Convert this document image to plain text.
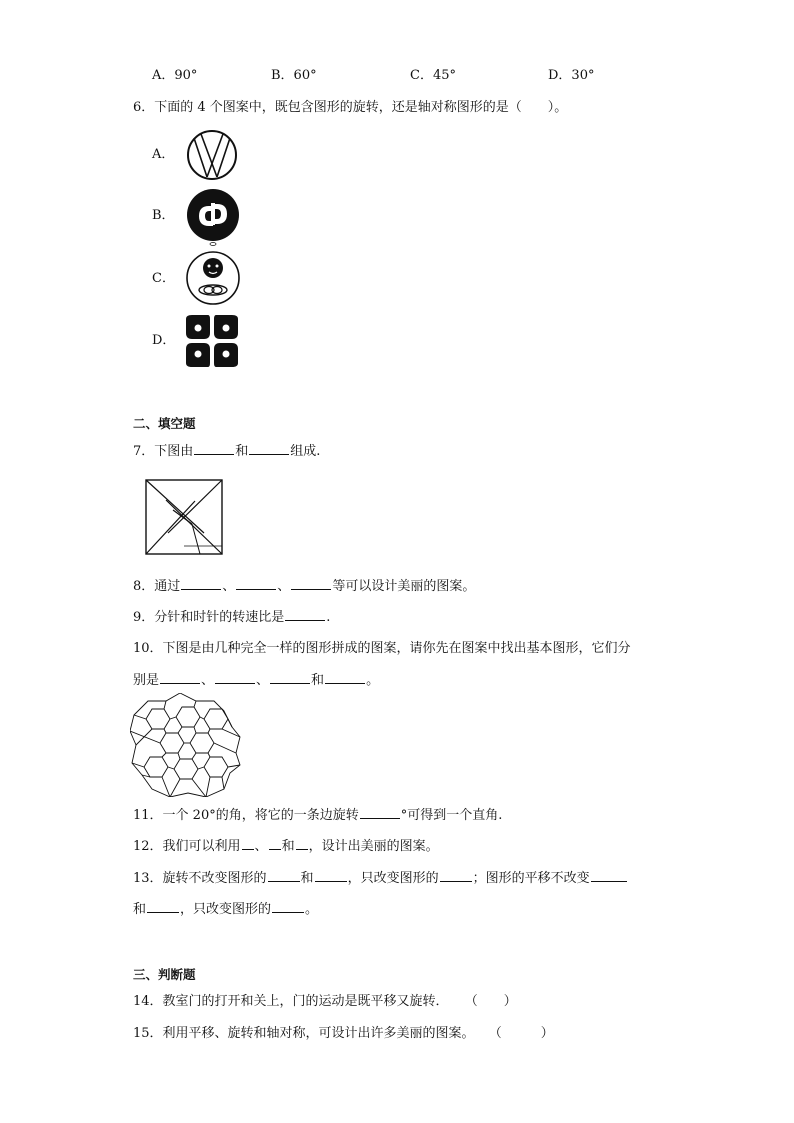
A．90°	B．60°	C．45°	D．30°
6．下面的 4 个图案中，既包含图形的旋转，还是轴对称图形的是（　　）。
A．
B．
C．
D．
二、填空题
7．下图由	和	组成.
8．通过	、	、	等可以设计美丽的图案。
9．分针和时针的转速比是	.
10．下图是由几种完全一样的图形拼成的图案，请你先在图案中找出基本图形，它们分
别是	、	、	和	。
11．一个 20°的角，将它的一条边旋转	°可得到一个直角.
12．我们可以利用 、 和 ，设计出美丽的图案。
13．旋转不改变图形的	和	，只改变图形的	；图形的平移不改变
和	，只改变图形的	。
三、判断题
14．教室门的打开和关上，门的运动是既平移又旋转． （　　）
15．利用平移、旋转和轴对称，可设计出许多美丽的图案。 （　　　）
